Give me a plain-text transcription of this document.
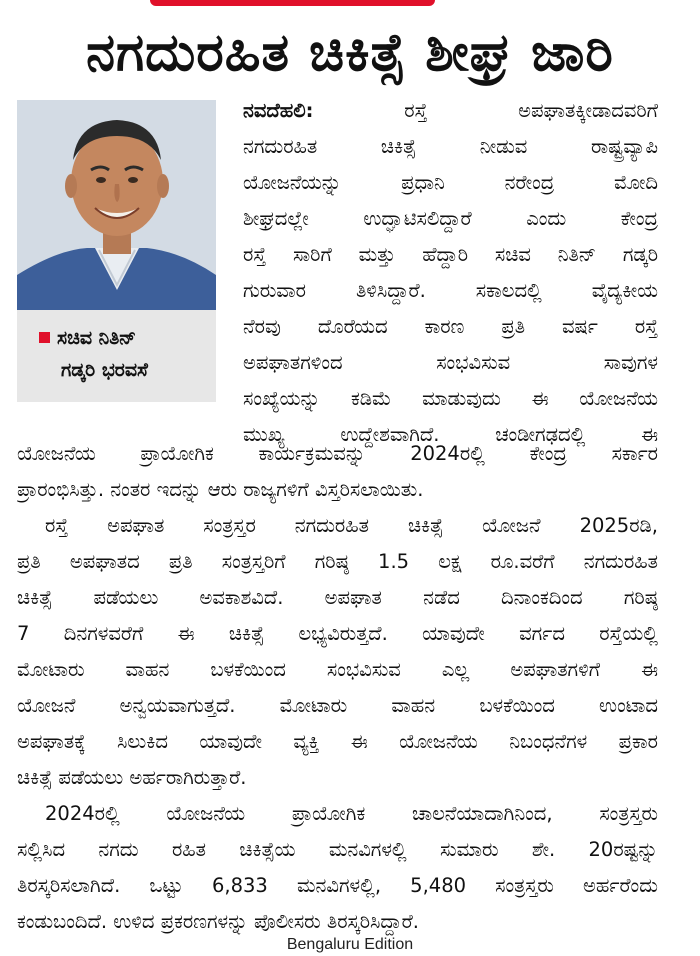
ನಗದುರಹಿತ ಚಿಕಿತ್ಸೆ ಶೀಘ್ರ ಜಾರಿ
ಸಚಿವ ನಿತಿನ್
ಗಡ್ಕರಿ ಭರವಸೆ
ನವದೆಹಲಿ:	ರಸ್ತೆ ಅಪಘಾತಕ್ಕೀಡಾದವರಿಗೆ
ನಗದುರಹಿತ ಚಿಕಿತ್ಸೆ ನೀಡುವ ರಾಷ್ಟ್ರವ್ಯಾಪಿ
ಯೋಜನೆಯನ್ನು ಪ್ರಧಾನಿ ನರೇಂದ್ರ ಮೋದಿ
ಶೀಘ್ರದಲ್ಲೇ ಉದ್ಘಾಟಿಸಲಿದ್ದಾರೆ ಎಂದು ಕೇಂದ್ರ
ರಸ್ತೆ ಸಾರಿಗೆ ಮತ್ತು ಹೆದ್ದಾರಿ ಸಚಿವ ನಿತಿನ್ ಗಡ್ಕರಿ
ಗುರುವಾರ ತಿಳಿಸಿದ್ದಾರೆ. ಸಕಾಲದಲ್ಲಿ ವೈದ್ಯಕೀಯ
ನೆರವು ದೊರೆಯದ ಕಾರಣ ಪ್ರತಿ ವರ್ಷ ರಸ್ತೆ
ಅಪಘಾತಗಳಿಂದ ಸಂಭವಿಸುವ ಸಾವುಗಳ
ಸಂಖ್ಯೆಯನ್ನು ಕಡಿಮೆ ಮಾಡುವುದು ಈ ಯೋಜನೆಯ
ಮುಖ್ಯ ಉದ್ದೇಶವಾಗಿದೆ. ಚಂಡೀಗಢದಲ್ಲಿ ಈ
ಯೋಜನೆಯ ಪ್ರಾಯೋಗಿಕ ಕಾರ್ಯಕ್ರಮವನ್ನು 2024ರಲ್ಲಿ ಕೇಂದ್ರ ಸರ್ಕಾರ
ಪ್ರಾರಂಭಿಸಿತ್ತು. ನಂತರ ಇದನ್ನು ಆರು ರಾಜ್ಯಗಳಿಗೆ ವಿಸ್ತರಿಸಲಾಯಿತು.
ರಸ್ತೆ ಅಪಘಾತ ಸಂತ್ರಸ್ತರ ನಗದುರಹಿತ ಚಿಕಿತ್ಸೆ ಯೋಜನೆ 2025ರಡಿ,
ಪ್ರತಿ ಅಪಘಾತದ ಪ್ರತಿ ಸಂತ್ರಸ್ತರಿಗೆ ಗರಿಷ್ಠ 1.5 ಲಕ್ಷ ರೂ.ವರೆಗೆ ನಗದುರಹಿತ
ಚಿಕಿತ್ಸೆ ಪಡೆಯಲು ಅವಕಾಶವಿದೆ. ಅಪಘಾತ ನಡೆದ ದಿನಾಂಕದಿಂದ ಗರಿಷ್ಠ
7 ದಿನಗಳವರೆಗೆ ಈ ಚಿಕಿತ್ಸೆ ಲಭ್ಯವಿರುತ್ತದೆ. ಯಾವುದೇ ವರ್ಗದ ರಸ್ತೆಯಲ್ಲಿ
ಮೋಟಾರು ವಾಹನ ಬಳಕೆಯಿಂದ ಸಂಭವಿಸುವ ಎಲ್ಲ ಅಪಘಾತಗಳಿಗೆ ಈ
ಯೋಜನೆ ಅನ್ವಯವಾಗುತ್ತದೆ. ಮೋಟಾರು ವಾಹನ ಬಳಕೆಯಿಂದ ಉಂಟಾದ
ಅಪಘಾತಕ್ಕೆ ಸಿಲುಕಿದ ಯಾವುದೇ ವ್ಯಕ್ತಿ ಈ ಯೋಜನೆಯ ನಿಬಂಧನೆಗಳ ಪ್ರಕಾರ
ಚಿಕಿತ್ಸೆ ಪಡೆಯಲು ಅರ್ಹರಾಗಿರುತ್ತಾರೆ.
2024ರಲ್ಲಿ ಯೋಜನೆಯ ಪ್ರಾಯೋಗಿಕ ಚಾಲನೆಯಾದಾಗಿನಿಂದ, ಸಂತ್ರಸ್ತರು
ಸಲ್ಲಿಸಿದ ನಗದು ರಹಿತ ಚಿಕಿತ್ಸೆಯ ಮನವಿಗಳಲ್ಲಿ ಸುಮಾರು ಶೇ. 20ರಷ್ಟನ್ನು
ತಿರಸ್ಕರಿಸಲಾಗಿದೆ. ಒಟ್ಟು 6,833 ಮನವಿಗಳಲ್ಲಿ, 5,480 ಸಂತ್ರಸ್ತರು ಅರ್ಹರೆಂದು
ಕಂಡುಬಂದಿದೆ. ಉಳಿದ ಪ್ರಕರಣಗಳನ್ನು ಪೊಲೀಸರು ತಿರಸ್ಕರಿಸಿದ್ದಾರೆ.
Bengaluru Edition
